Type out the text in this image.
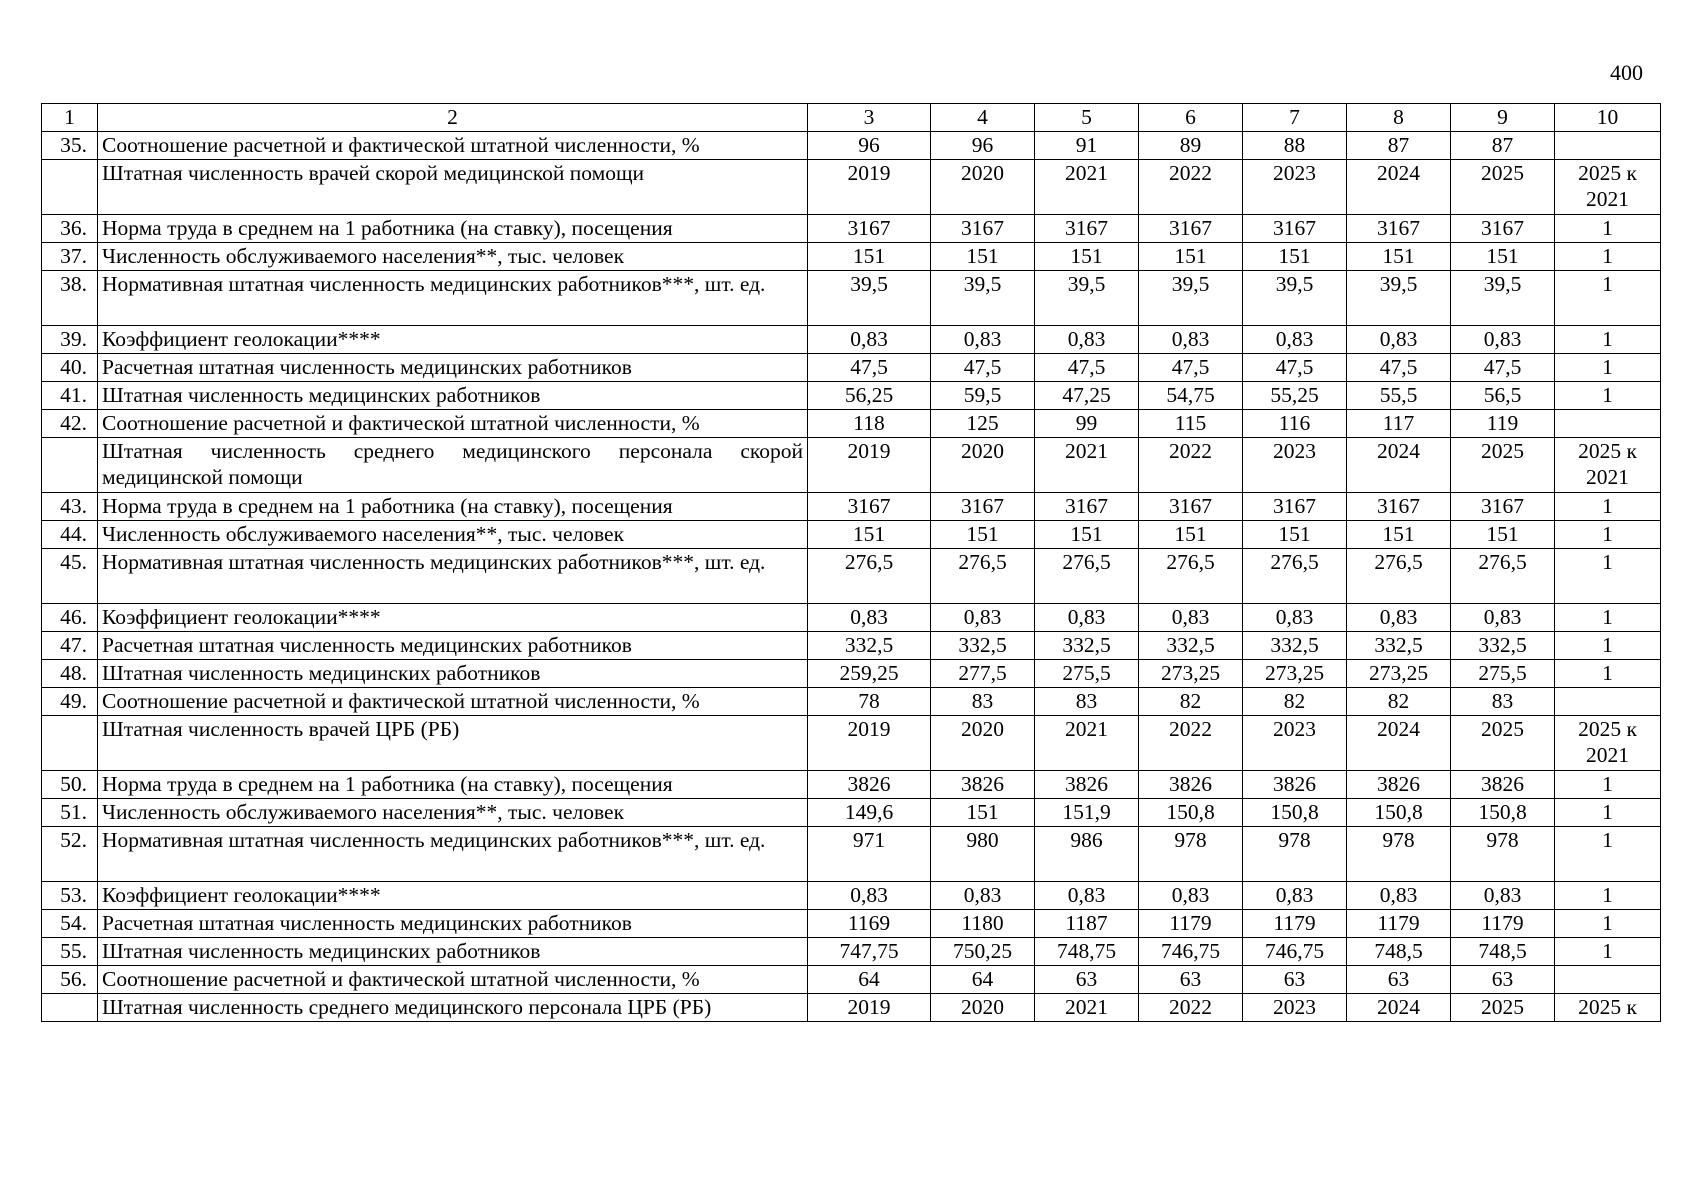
400
1	2	3	4	5	6	7	8	9	10
35.	Соотношение расчетной и фактической штатной численности, %	96	96	91	89	88	87	87	
	Штатная численность врачей скорой медицинской помощи	2019	2020	2021	2022	2023	2024	2025	2025 к 2021
36.	Норма труда в среднем на 1 работника (на ставку), посещения	3167	3167	3167	3167	3167	3167	3167	1
37.	Численность обслуживаемого населения**, тыс. человек	151	151	151	151	151	151	151	1
38.	Нормативная штатная численность медицинских работников***, шт. ед.	39,5	39,5	39,5	39,5	39,5	39,5	39,5	1
39.	Коэффициент геолокации****	0,83	0,83	0,83	0,83	0,83	0,83	0,83	1
40.	Расчетная штатная численность медицинских работников	47,5	47,5	47,5	47,5	47,5	47,5	47,5	1
41.	Штатная численность медицинских работников	56,25	59,5	47,25	54,75	55,25	55,5	56,5	1
42.	Соотношение расчетной и фактической штатной численности, %	118	125	99	115	116	117	119	
	Штатная численность среднего медицинского персонала скорой медицинской помощи	2019	2020	2021	2022	2023	2024	2025	2025 к 2021
43.	Норма труда в среднем на 1 работника (на ставку), посещения	3167	3167	3167	3167	3167	3167	3167	1
44.	Численность обслуживаемого населения**, тыс. человек	151	151	151	151	151	151	151	1
45.	Нормативная штатная численность медицинских работников***, шт. ед.	276,5	276,5	276,5	276,5	276,5	276,5	276,5	1
46.	Коэффициент геолокации****	0,83	0,83	0,83	0,83	0,83	0,83	0,83	1
47.	Расчетная штатная численность медицинских работников	332,5	332,5	332,5	332,5	332,5	332,5	332,5	1
48.	Штатная численность медицинских работников	259,25	277,5	275,5	273,25	273,25	273,25	275,5	1
49.	Соотношение расчетной и фактической штатной численности, %	78	83	83	82	82	82	83	
	Штатная численность врачей ЦРБ (РБ)	2019	2020	2021	2022	2023	2024	2025	2025 к 2021
50.	Норма труда в среднем на 1 работника (на ставку), посещения	3826	3826	3826	3826	3826	3826	3826	1
51.	Численность обслуживаемого населения**, тыс. человек	149,6	151	151,9	150,8	150,8	150,8	150,8	1
52.	Нормативная штатная численность медицинских работников***, шт. ед.	971	980	986	978	978	978	978	1
53.	Коэффициент геолокации****	0,83	0,83	0,83	0,83	0,83	0,83	0,83	1
54.	Расчетная штатная численность медицинских работников	1169	1180	1187	1179	1179	1179	1179	1
55.	Штатная численность медицинских работников	747,75	750,25	748,75	746,75	746,75	748,5	748,5	1
56.	Соотношение расчетной и фактической штатной численности, %	64	64	63	63	63	63	63	
	Штатная численность среднего медицинского персонала ЦРБ (РБ)	2019	2020	2021	2022	2023	2024	2025	2025 к
